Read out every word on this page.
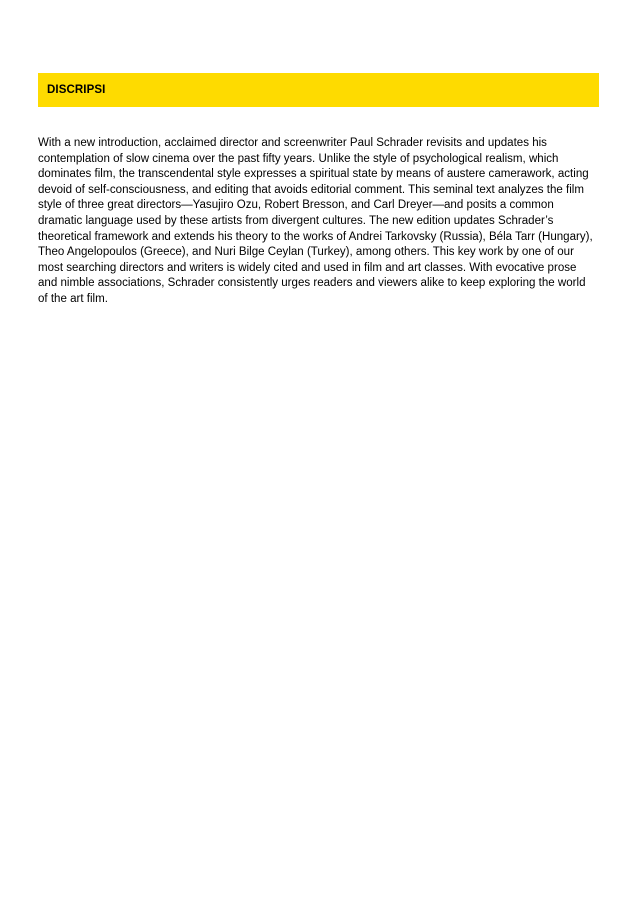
DISCRIPSI

With a new introduction, acclaimed director and screenwriter Paul Schrader revisits and updates his contemplation of slow cinema over the past fifty years. Unlike the style of psychological realism, which dominates film, the transcendental style expresses a spiritual state by means of austere camerawork, acting devoid of self-consciousness, and editing that avoids editorial comment. This seminal text analyzes the film style of three great directors—Yasujiro Ozu, Robert Bresson, and Carl Dreyer—and posits a common dramatic language used by these artists from divergent cultures. The new edition updates Schrader’s theoretical framework and extends his theory to the works of Andrei Tarkovsky (Russia), Béla Tarr (Hungary), Theo Angelopoulos (Greece), and Nuri Bilge Ceylan (Turkey), among others. This key work by one of our most searching directors and writers is widely cited and used in film and art classes. With evocative prose and nimble associations, Schrader consistently urges readers and viewers alike to keep exploring the world of the art film.
